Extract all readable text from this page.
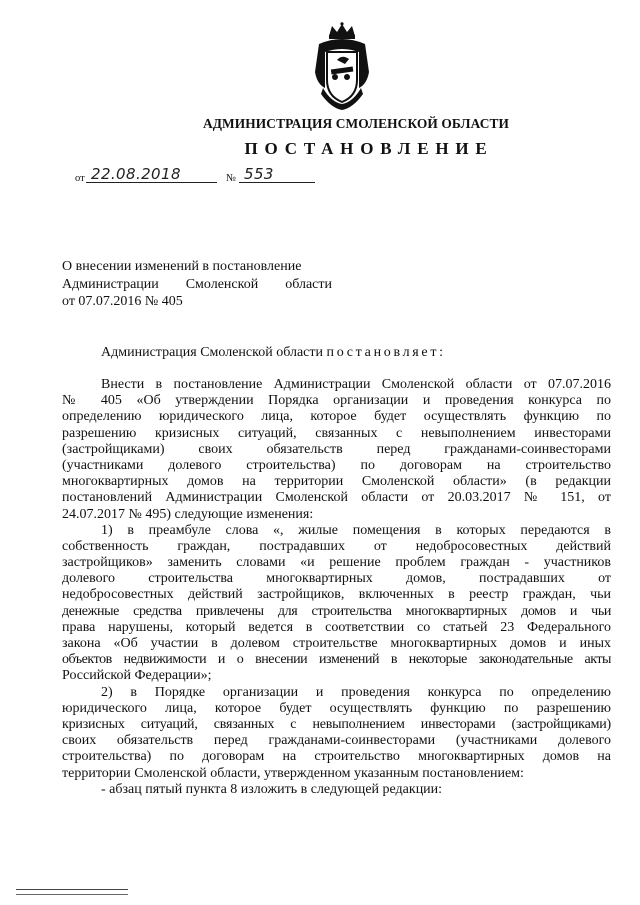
АДМИНИСТРАЦИЯ СМОЛЕНСКОЙ ОБЛАСТИ
ПОСТАНОВЛЕНИЕ
от 22.08.2018	№ 553
О внесении изменений в постановление
Администрации Смоленской области
от 07.07.2016 № 405
Администрация Смоленской области постановляет:
Внести в постановление Администрации Смоленской области от 07.07.2016
№ 405 «Об утверждении Порядка организации и проведения конкурса по
определению юридического лица, которое будет осуществлять функцию по
разрешению кризисных ситуаций, связанных с невыполнением инвесторами
(застройщиками) своих обязательств перед гражданами-соинвесторами
(участниками долевого строительства) по договорам на строительство
многоквартирных домов на территории Смоленской области» (в редакции
постановлений Администрации Смоленской области от 20.03.2017 № 151, от
24.07.2017 № 495) следующие изменения:
1) в преамбуле слова «, жилые помещения в которых передаются в
собственность граждан, пострадавших от недобросовестных действий
застройщиков» заменить словами «и решение проблем граждан - участников
долевого строительства многоквартирных домов, пострадавших от
недобросовестных действий застройщиков, включенных в реестр граждан, чьи
денежные средства привлечены для строительства многоквартирных домов и чьи
права нарушены, который ведется в соответствии со статьей 23 Федерального
закона «Об участии в долевом строительстве многоквартирных домов и иных
объектов недвижимости и о внесении изменений в некоторые законодательные акты
Российской Федерации»;
2) в Порядке организации и проведения конкурса по определению
юридического лица, которое будет осуществлять функцию по разрешению
кризисных ситуаций, связанных с невыполнением инвесторами (застройщиками)
своих обязательств перед гражданами-соинвесторами (участниками долевого
строительства) по договорам на строительство многоквартирных домов на
территории Смоленской области, утвержденном указанным постановлением:
- абзац пятый пункта 8 изложить в следующей редакции:
